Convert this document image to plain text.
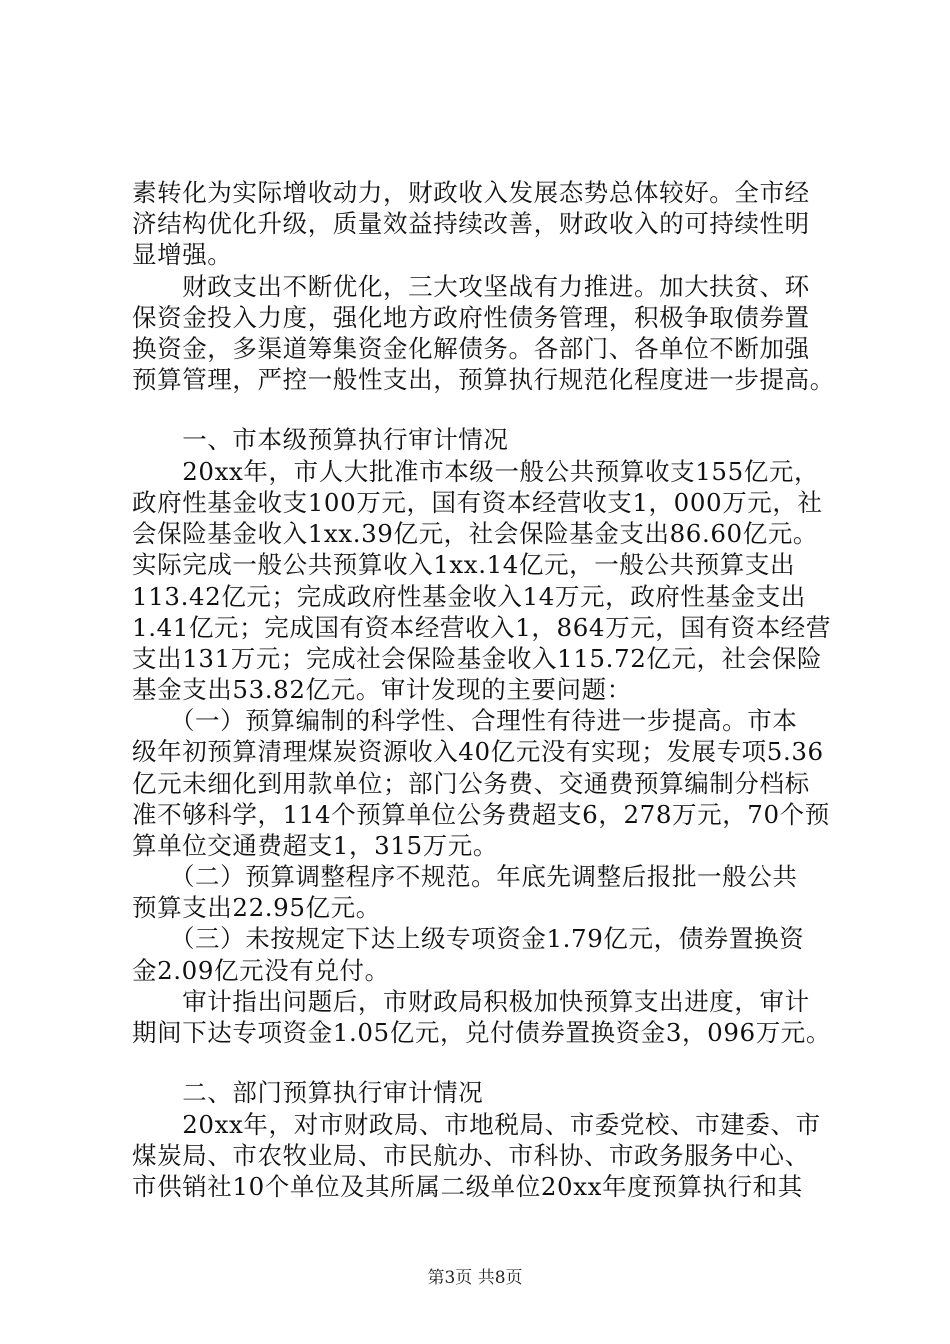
素转化为实际增收动力，财政收入发展态势总体较好。全市经
济结构优化升级，质量效益持续改善，财政收入的可持续性明
显增强。
　　财政支出不断优化，三大攻坚战有力推进。加大扶贫、环
保资金投入力度，强化地方政府性债务管理，积极争取债券置
换资金，多渠道筹集资金化解债务。各部门、各单位不断加强
预算管理，严控一般性支出，预算执行规范化程度进一步提高。
　　一、市本级预算执行审计情况
　　20xx年，市人大批准市本级一般公共预算收支155亿元，
政府性基金收支100万元，国有资本经营收支1，000万元，社
会保险基金收入1xx.39亿元，社会保险基金支出86.60亿元。
实际完成一般公共预算收入1xx.14亿元，一般公共预算支出
113.42亿元；完成政府性基金收入14万元，政府性基金支出
1.41亿元；完成国有资本经营收入1，864万元，国有资本经营
支出131万元；完成社会保险基金收入115.72亿元，社会保险
基金支出53.82亿元。审计发现的主要问题：
　　（一）预算编制的科学性、合理性有待进一步提高。市本
级年初预算清理煤炭资源收入40亿元没有实现；发展专项5.36
亿元未细化到用款单位；部门公务费、交通费预算编制分档标
准不够科学，114个预算单位公务费超支6，278万元，70个预
算单位交通费超支1，315万元。
　　（二）预算调整程序不规范。年底先调整后报批一般公共
预算支出22.95亿元。
　　（三）未按规定下达上级专项资金1.79亿元，债券置换资
金2.09亿元没有兑付。
　　审计指出问题后，市财政局积极加快预算支出进度，审计
期间下达专项资金1.05亿元，兑付债券置换资金3，096万元。
　　二、部门预算执行审计情况
　　20xx年，对市财政局、市地税局、市委党校、市建委、市
煤炭局、市农牧业局、市民航办、市科协、市政务服务中心、
市供销社10个单位及其所属二级单位20xx年度预算执行和其
第3页 共8页
